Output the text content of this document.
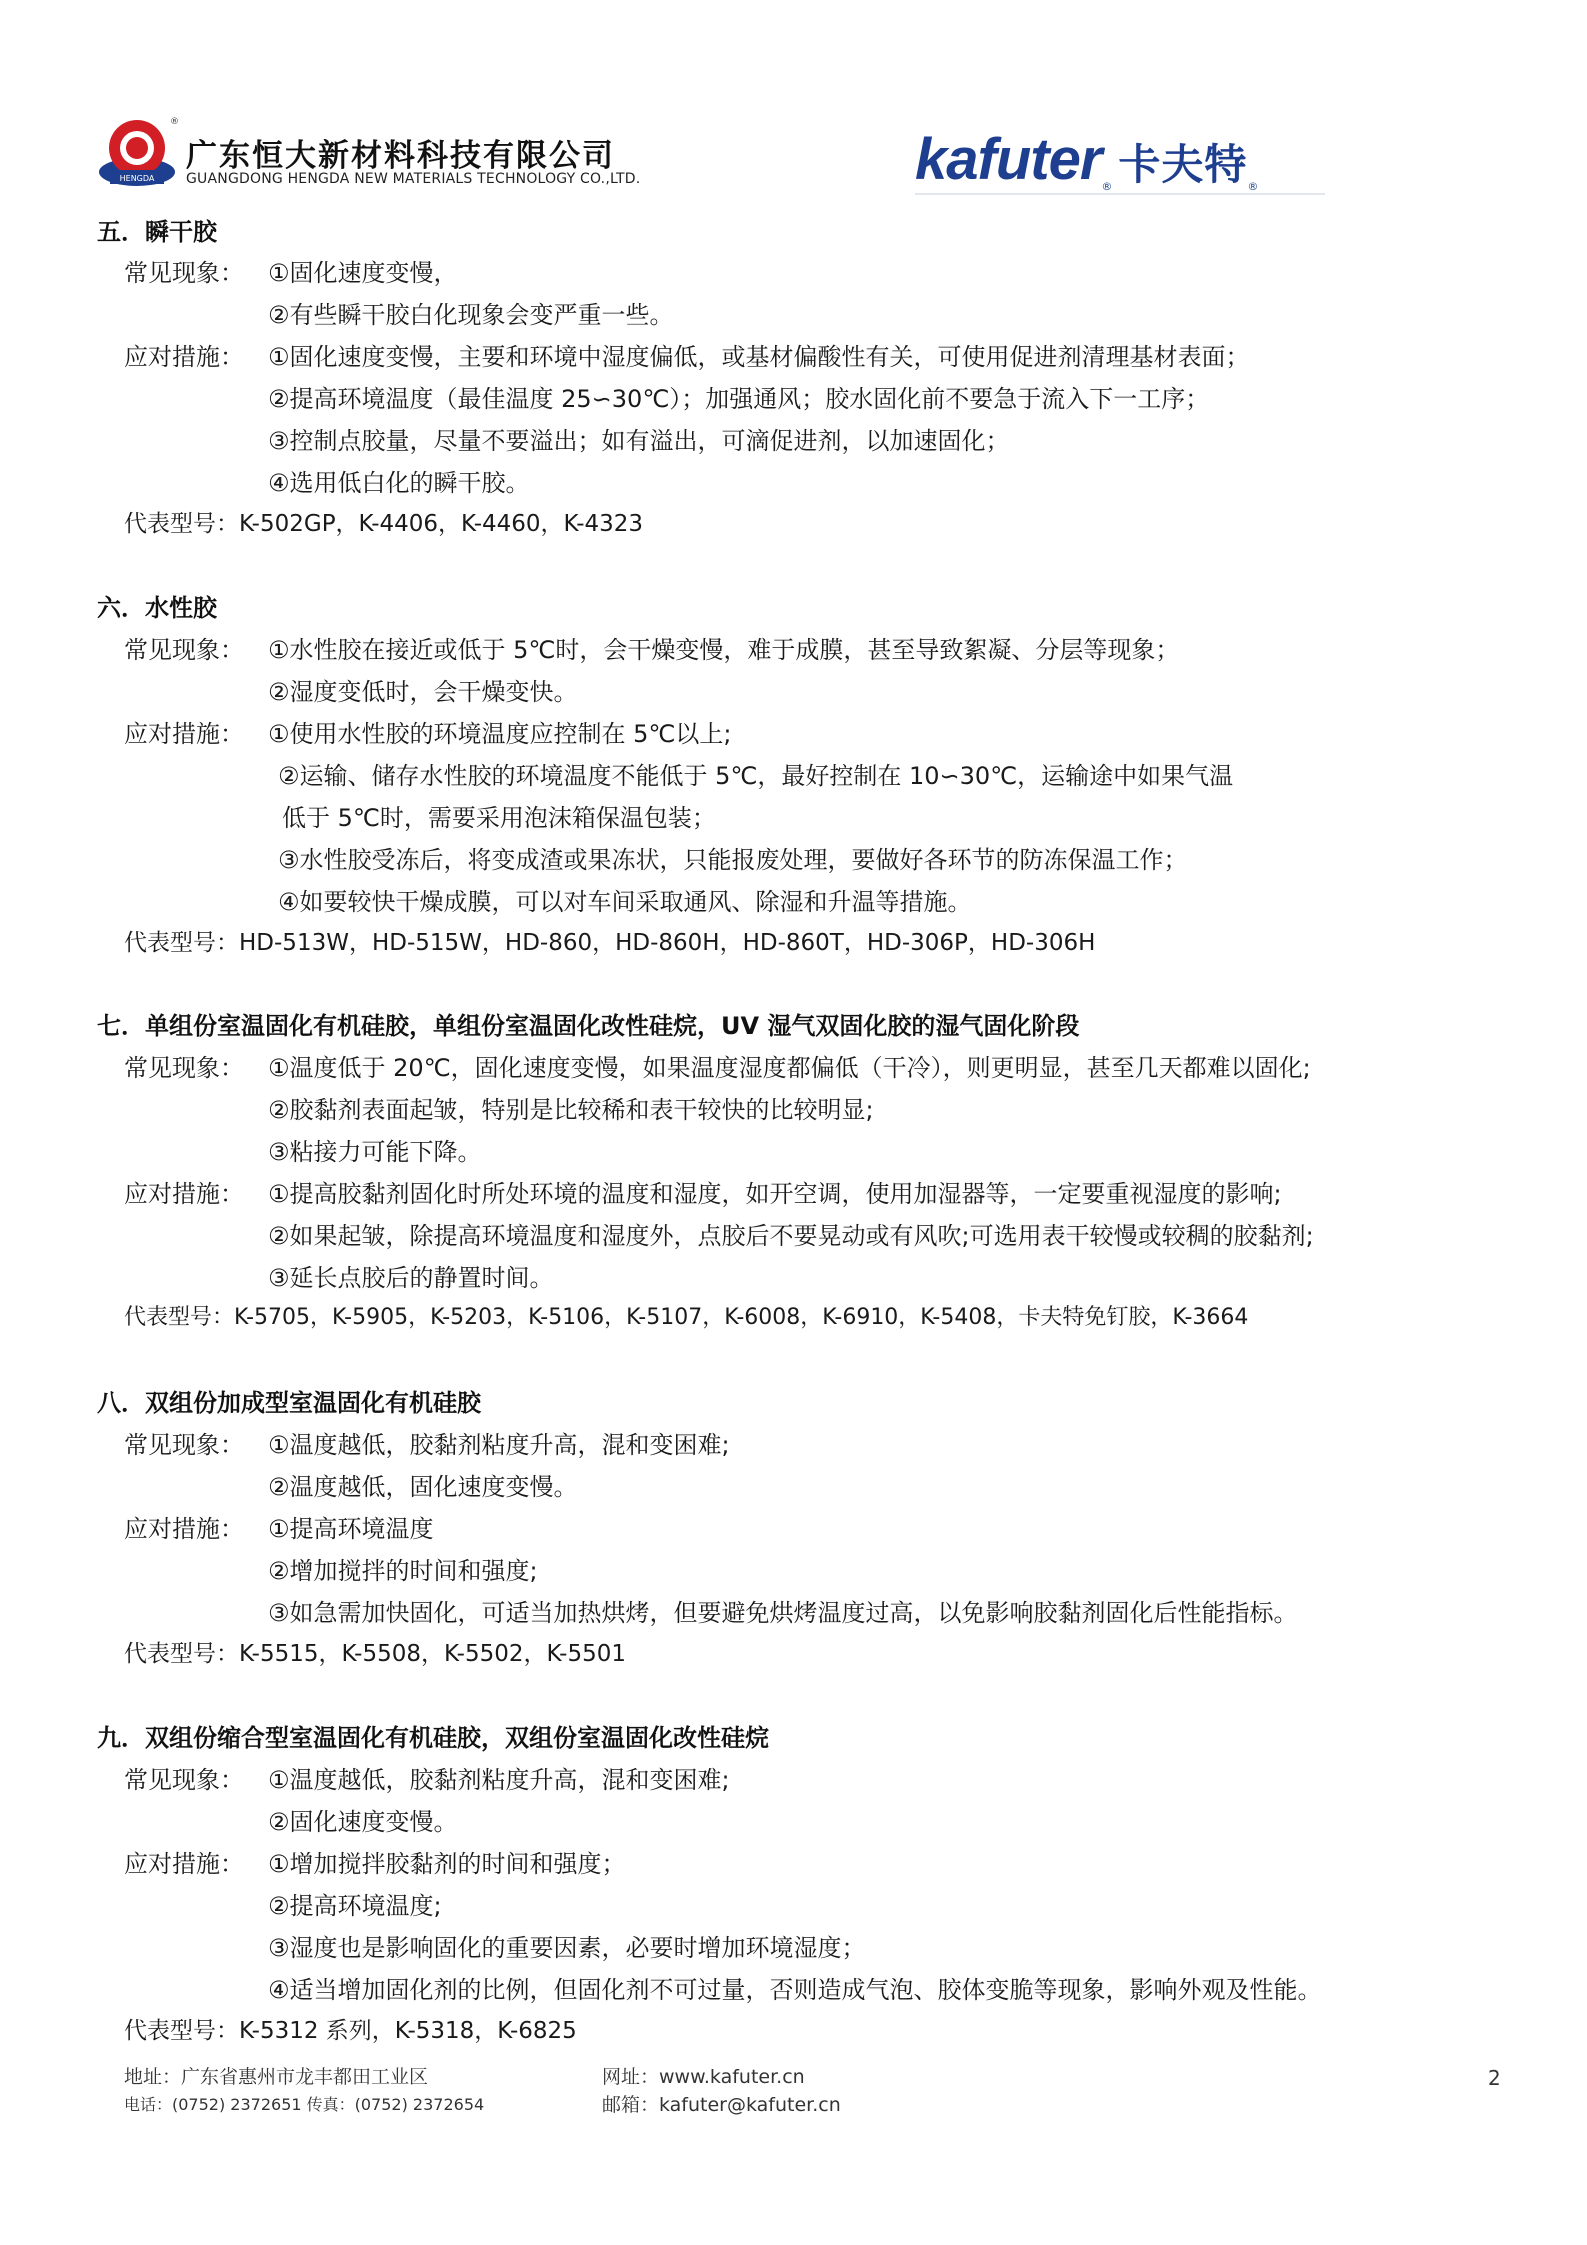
HENGDA
®
广东恒大新材料科技有限公司
GUANGDONG HENGDA NEW MATERIALS TECHNOLOGY CO.,LTD.	kafuter® 卡夫特®
五．瞬干胶
常见现象： ①固化速度变慢，
②有些瞬干胶白化现象会变严重一些。
应对措施： ①固化速度变慢，主要和环境中湿度偏低，或基材偏酸性有关，可使用促进剂清理基材表面；
②提高环境温度（最佳温度 25∽30℃）；加强通风；胶水固化前不要急于流入下一工序；
③控制点胶量，尽量不要溢出；如有溢出，可滴促进剂，以加速固化；
④选用低白化的瞬干胶。
代表型号：K-502GP，K-4406，K-4460，K-4323
六．水性胶
常见现象： ①水性胶在接近或低于 5℃时，会干燥变慢，难于成膜，甚至导致絮凝、分层等现象；
②湿度变低时，会干燥变快。
应对措施： ①使用水性胶的环境温度应控制在 5℃以上;
②运输、储存水性胶的环境温度不能低于 5℃，最好控制在 10∽30℃，运输途中如果气温
低于 5℃时，需要采用泡沫箱保温包装；
③水性胶受冻后，将变成渣或果冻状，只能报废处理，要做好各环节的防冻保温工作；
④如要较快干燥成膜，可以对车间采取通风、除湿和升温等措施。
代表型号：HD-513W，HD-515W，HD-860，HD-860H，HD-860T，HD-306P，HD-306H
七．单组份室温固化有机硅胶，单组份室温固化改性硅烷，UV 湿气双固化胶的湿气固化阶段
常见现象： ①温度低于 20℃，固化速度变慢，如果温度湿度都偏低（干冷），则更明显，甚至几天都难以固化;
②胶黏剂表面起皱，特别是比较稀和表干较快的比较明显;
③粘接力可能下降。
应对措施： ①提高胶黏剂固化时所处环境的温度和湿度，如开空调，使用加湿器等，一定要重视湿度的影响;
②如果起皱，除提高环境温度和湿度外，点胶后不要晃动或有风吹;可选用表干较慢或较稠的胶黏剂;
③延长点胶后的静置时间。
代表型号：K-5705，K-5905，K-5203，K-5106，K-5107，K-6008，K-6910，K-5408，卡夫特免钉胶，K-3664
八．双组份加成型室温固化有机硅胶
常见现象： ①温度越低，胶黏剂粘度升高，混和变困难;
②温度越低，固化速度变慢。
应对措施： ①提高环境温度
②增加搅拌的时间和强度;
③如急需加快固化，可适当加热烘烤，但要避免烘烤温度过高，以免影响胶黏剂固化后性能指标。
代表型号：K-5515，K-5508，K-5502，K-5501
九．双组份缩合型室温固化有机硅胶，双组份室温固化改性硅烷
常见现象： ①温度越低，胶黏剂粘度升高，混和变困难;
②固化速度变慢。
应对措施： ①增加搅拌胶黏剂的时间和强度；
②提高环境温度;
③湿度也是影响固化的重要因素，必要时增加环境湿度；
④适当增加固化剂的比例，但固化剂不可过量，否则造成气泡、胶体变脆等现象，影响外观及性能。
代表型号：K-5312 系列，K-5318，K-6825
地址：广东省惠州市龙丰都田工业区
电话：(0752) 2372651 传真：(0752) 2372654
网址：www.kafuter.cn
邮箱：kafuter@kafuter.cn
2
